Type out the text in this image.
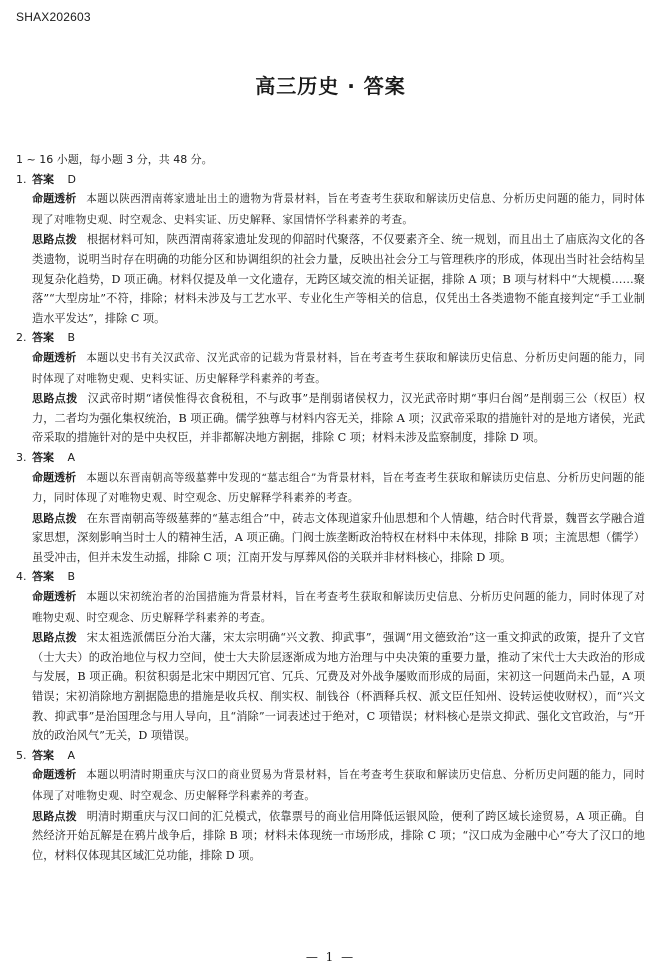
SHAX202603
高三历史 · 答案

1 ~ 16 小题，每小题 3 分，共 48 分。

1. 答案 D

命题透析 本题以陕西渭南蒋家遗址出土的遗物为背景材料，旨在考查考生获取和解读历史信息、分析历史问题的能力，同时体现了对唯物史观、时空观念、史料实证、历史解释、家国情怀学科素养的考查。

思路点拨 根据材料可知，陕西渭南蒋家遗址发现的仰韶时代聚落，不仅要素齐全、统一规划，而且出土了庙底沟文化的各类遗物，说明当时存在明确的功能分区和协调组织的社会力量，反映出社会分工与管理秩序的形成，体现出当时社会结构呈现复杂化趋势，D 项正确。材料仅提及单一文化遗存，无跨区域交流的相关证据，排除 A 项；B 项与材料中“大规模……聚落”“大型房址”不符，排除；材料未涉及与工艺水平、专业化生产等相关的信息，仅凭出土各类遗物不能直接判定“手工业制造水平发达”，排除 C 项。

2. 答案 B

命题透析 本题以史书有关汉武帝、汉光武帝的记载为背景材料，旨在考查考生获取和解读历史信息、分析历史问题的能力，同时体现了对唯物史观、史料实证、历史解释学科素养的考查。

思路点拨 汉武帝时期“诸侯惟得衣食税租，不与政事”是削弱诸侯权力，汉光武帝时期“事归台阁”是削弱三公（权臣）权力，二者均为强化集权统治，B 项正确。儒学独尊与材料内容无关，排除 A 项；汉武帝采取的措施针对的是地方诸侯，光武帝采取的措施针对的是中央权臣，并非都解决地方割据，排除 C 项；材料未涉及监察制度，排除 D 项。

3. 答案 A

命题透析 本题以东晋南朝高等级墓葬中发现的“墓志组合”为背景材料，旨在考查考生获取和解读历史信息、分析历史问题的能力，同时体现了对唯物史观、时空观念、历史解释学科素养的考查。

思路点拨 在东晋南朝高等级墓葬的“墓志组合”中，砖志文体现道家升仙思想和个人情趣，结合时代背景，魏晋玄学融合道家思想，深刻影响当时士人的精神生活，A 项正确。门阀士族垄断政治特权在材料中未体现，排除 B 项；主流思想（儒学）虽受冲击，但并未发生动摇，排除 C 项；江南开发与厚葬风俗的关联并非材料核心，排除 D 项。

4. 答案 B

命题透析 本题以宋初统治者的治国措施为背景材料，旨在考查考生获取和解读历史信息、分析历史问题的能力，同时体现了对唯物史观、时空观念、历史解释学科素养的考查。

思路点拨 宋太祖选派儒臣分治大藩，宋太宗明确“兴文教、抑武事”，强调“用文德致治”这一重文抑武的政策，提升了文官（士大夫）的政治地位与权力空间，使士大夫阶层逐渐成为地方治理与中央决策的重要力量，推动了宋代士大夫政治的形成与发展，B 项正确。积贫积弱是北宋中期因冗官、冗兵、冗费及对外战争屡败而形成的局面，宋初这一问题尚未凸显，A 项错误；宋初消除地方割据隐患的措施是收兵权、削实权、制钱谷（杯酒释兵权、派文臣任知州、设转运使收财权），而“兴文教、抑武事”是治国理念与用人导向，且“消除”一词表述过于绝对，C 项错误；材料核心是崇文抑武、强化文官政治，与“开放的政治风气”无关，D 项错误。

5. 答案 A

命题透析 本题以明清时期重庆与汉口的商业贸易为背景材料，旨在考查考生获取和解读历史信息、分析历史问题的能力，同时体现了对唯物史观、时空观念、历史解释学科素养的考查。

思路点拨 明清时期重庆与汉口间的汇兑模式，依靠票号的商业信用降低运银风险，便利了跨区域长途贸易，A 项正确。自然经济开始瓦解是在鸦片战争后，排除 B 项；材料未体现统一市场形成，排除 C 项；“汉口成为金融中心”夸大了汉口的地位，材料仅体现其区域汇兑功能，排除 D 项。

— 1 —
